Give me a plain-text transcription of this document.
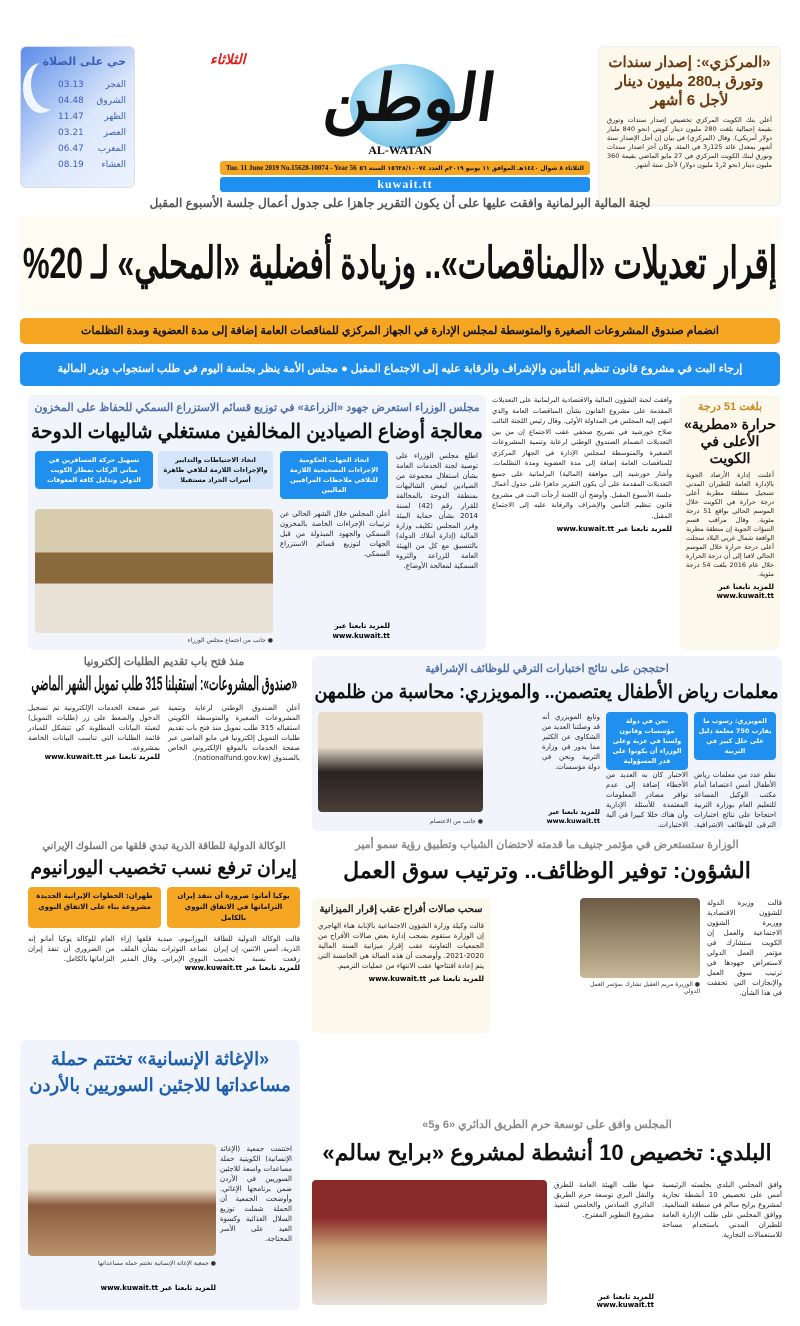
«المركزي»: إصدار سندات وتورق بـ280 مليون دينار لأجل 6 أشهر
أعلن بنك الكويت المركزي تخصيص إصدار سندات وتورق بقيمة إجمالية بلغت 280 مليون دينار كويتي (نحو 840 مليار دولار أمريكي). وقال (المركزي) في بيان إن أجل الإصدار ستة أشهر بمعدل عائد 125ر3 في المئة. وكان آخر اصدار سندات وتورق لبنك الكويت المركزي في 27 مايو الماضي بقيمة 360 مليون دينار (نحو 2ر1 مليون دولار) لأجل ستة أشهر.
الثلاثاء
الوطن
AL-WATAN
الثلاثاء ٨ شوال ١٤٤٠هـ الموافق ١١ يونيو ٢٠١٩م العدد ١٥٦٢٨/١٠٠٧٤ السنة ٥٦
Tue. 11 June 2019 No.15628-10074 - Year 56
kuwait.tt
حي على الصلاة
الفجر
03.13
الشروق
04.48
الظهر
11.47
العصر
03.21
المغرب
06.47
العشاء
08.19
لجنة المالية البرلمانية وافقت عليها على أن يكون التقرير جاهزا على جدول أعمال جلسة الأسبوع المقبل
إقرار تعديلات «المناقصات».. وزيادة أفضلية «المحلي» لـ 20%
انضمام صندوق المشروعات الصغيرة والمتوسطة لمجلس الإدارة في الجهاز المركزي للمناقصات العامة إضافة إلى مدة العضوية ومدة التظلمات
إرجاء البت في مشروع قانون تنظيم التأمين والإشراف والرقابة عليه إلى الاجتماع المقبل ● مجلس الأمة ينظر بجلسة اليوم في طلب استجواب وزير المالية
بلغت 51 درجة
حرارة «مطرية» الأعلى في الكويت
أعلنت إدارة الأرصاد الجوية بالإدارة العامة للطيران المدني تسجيل منطقة مطربة أعلى درجة حرارة في الكويت خلال الموسم الحالي بواقع 51 درجة مئوية. وقال مراقب قسم التنبؤات الجوية إن منطقة مطربة الواقعة شمال غربي البلاد سجلت أعلى درجة حرارة خلال الموسم الحالي لافتا إلى أن درجة الحرارة خلال عام 2016 بلغت 54 درجة مئوية.
للمزيد تابعنا عبر www.kuwait.tt
وافقت لجنة الشؤون المالية والاقتصادية البرلمانية على التعديلات المقدمة على مشروع القانون بشأن المناقصات العامة والذي انتهى إليه المجلس في المداولة الأولى. وقال رئيس اللجنة النائب صلاح خورشيد في تصريح صحفي عقب الاجتماع إن من بين التعديلات انضمام الصندوق الوطني لرعاية وتنمية المشروعات الصغيرة والمتوسطة لمجلس الإدارة في الجهاز المركزي للمناقصات العامة إضافة إلى مدة العضوية ومدة التظلمات. وأشار خورشيد إلى موافقة (المالية) البرلمانية على جميع التعديلات المقدمة على أن يكون التقرير جاهزا على جدول أعمال جلسة الأسبوع المقبل. وأوضح أن اللجنة أرجأت البت في مشروع قانون تنظيم التأمين والإشراف والرقابة عليه إلى الاجتماع المقبل.
للمزيد تابعنا عبر www.kuwait.tt
مجلس الوزراء استعرض جهود «الزراعة» في توزيع قسائم الاستزراع السمكي للحفاظ على المخزون
معالجة أوضاع الصيادين المخالفين مستغلي شاليهات الدوحة
اتخاذ الجهات الحكومية الإجراءات التصحيحية اللازمة للتلافي ملاحظات المراقبين الماليين
اتخاذ الاحتياطات والتدابير والإجراءات اللازمة لتلافي ظاهرة أسراب الجراد مستقبلا
تسهيل حركة المسافرين في مباني الركاب بمطار الكويت الدولي وتذليل كافة المعوقات
اطلع مجلس الوزراء على توصية لجنة الخدمات العامة بشأن استغلال مجموعة من الصيادين لبعض الشاليهات بمنطقة الدوحة بالمخالفة للقرار رقم (42) لسنة 2014 بشأن حماية البيئة وقرر المجلس تكليف وزارة المالية (إدارة أملاك الدولة) بالتنسيق مع كل من الهيئة العامة للزراعة والثروة السمكية لمعالجة الأوضاع.
أعلن المجلس خلال الشهر الحالي عن ترتيبات الإجراءات الخاصة بالمخزون السمكي والجهود المبذولة من قبل الجهات لتوزيع قسائم الاستزراع السمكي.
للمزيد تابعنا عبر www.kuwait.tt
● جانب من اجتماع مجلس الوزراء
منذ فتح باب تقديم الطلبات إلكترونيا
«صندوق المشروعات»: استقبلنا 315 طلب تمويل الشهر الماضي
أعلن الصندوق الوطني لرعاية وتنمية المشروعات الصغيرة والمتوسطة الكويتي استقباله 315 طلب تمويل منذ فتح باب تقديم طلبات التمويل إلكترونيا في مايو الماضي عبر صفحة الخدمات بالموقع الإلكتروني الخاص بالصندوق (nationalfund.gov.kw).
عبر صفحة الخدمات الإلكترونية تم تسجيل الدخول والضغط على زر (طلبات التمويل) لتعبئة البيانات المطلوبة كي تتشكل للمبادر قائمة الطلبات التي تناسب البيانات الخاصة بمشروعه.
للمزيد تابعنا عبر www.kuwait.tt
احتججن على نتائج اختبارات الترقي للوظائف الإشرافية
معلمات رياض الأطفال يعتصمن.. والمويزري: محاسبة من ظلمهن
المويزري: رسوب ما يقارب 750 معلمة دليل على خلل كبير في التربية
نحن في دولة مؤسسات وقانون ولسنا في عزبة وعلى الوزراء أن يكونوا على قدر المسؤولية
نظم عدد من معلمات رياض الأطفال أمس اعتصاما أمام مكتب الوكيل المساعد للتعليم العام بوزارة التربية احتجاجا على نتائج اختبارات الترقي للوظائف الإشرافية.
الاختبار كان به العديد من الأخطاء إضافة إلى عدم توافر مصادر المعلومات المعتمدة للأسئلة الإدارية وأن هناك خللا كبيرا في آلية الاختبارات.
وتابع المويزري أنه قد وصلتنا العديد من الشكاوى عن الكثير مما يدور في وزارة التربية ونحن في دولة مؤسسات.
للمزيد تابعنا عبر www.kuwait.tt
● جانب من الاعتصام
الوكالة الدولية للطاقة الذرية تبدي قلقها من السلوك الإيراني
إيران ترفع نسب تخصيب اليورانيوم
يوكيا أمانو: ضرورة أن تنفذ إيران التزاماتها في الاتفاق النووي بالكامل
طهران: الخطوات الإيرانية الجديدة مشروعة بناء على الاتفاق النووي
قالت الوكالة الدولية للطاقة الذرية، أمس الاثنين، إن إيران رفعت نسبة تخصيب اليورانيوم، مبدية قلقها إزاء تصاعد التوترات بشأن الملف النووي الإيراني. وقال المدير العام للوكالة يوكيا أمانو إنه من الضروري أن تنفذ إيران التزاماتها بالكامل.
للمزيد تابعنا عبر www.kuwait.tt
الوزارة ستستعرض في مؤتمر جنيف ما قدمته لاحتضان الشباب وتطبيق رؤية سمو أمير
الشؤون: توفير الوظائف.. وترتيب سوق العمل
قالت وزيرة الدولة للشؤون الاقتصادية ووزيرة الشؤون الاجتماعية والعمل إن الكويت ستشارك في مؤتمر العمل الدولي لاستعراض جهودها في ترتيب سوق العمل والإنجازات التي تحققت في هذا الشأن.
● الوزيرة مريم العقيل تشارك بمؤتمر العمل الدولي
سحب صالات أفراح عقب إقرار الميزانية
قالت وكيلة وزارة الشؤون الاجتماعية بالإنابة هناء الهاجري إن الوزارة ستقوم بسحب إدارة بعض صالات الأفراح من الجمعيات التعاونية عقب إقرار ميزانية السنة المالية 2020-2021. وأوضحت أن هذه الصالة هي الخامسة التي يتم إعادة افتتاحها عقب الانتهاء من عمليات الترميم.
للمزيد تابعنا عبر www.kuwait.tt
«الإغاثة الإنسانية» تختتم حملة مساعداتها للاجئين السوريين بالأردن
اختتمت جمعية (الإغاثة الإنسانية) الكويتية حملة مساعدات واسعة للاجئين السوريين في الأردن ضمن برنامجها الإغاثي. وأوضحت الجمعية أن الحملة شملت توزيع السلال الغذائية وكسوة العيد على الأسر المحتاجة.
● جمعية الإغاثة الإنسانية تختتم حملة مساعداتها
للمزيد تابعنا عبر www.kuwait.tt
المجلس وافق على توسعة حرم الطريق الدائري «6 و5»
البلدي: تخصيص 10 أنشطة لمشروع «برايح سالم»
وافق المجلس البلدي بجلسته الرئيسية أمس على تخصيص 10 أنشطة تجارية لمشروع برايح سالم في منطقة السالمية. ووافق المجلس على طلب الإدارة العامة للطيران المدني باستخدام مساحة للاستعمالات التجارية.
منها طلب الهيئة العامة للطرق والنقل البري توسعة حرم الطريق الدائري السادس والخامس لتنفيذ مشروع التطوير المقترح.
للمزيد تابعنا عبر www.kuwait.tt
